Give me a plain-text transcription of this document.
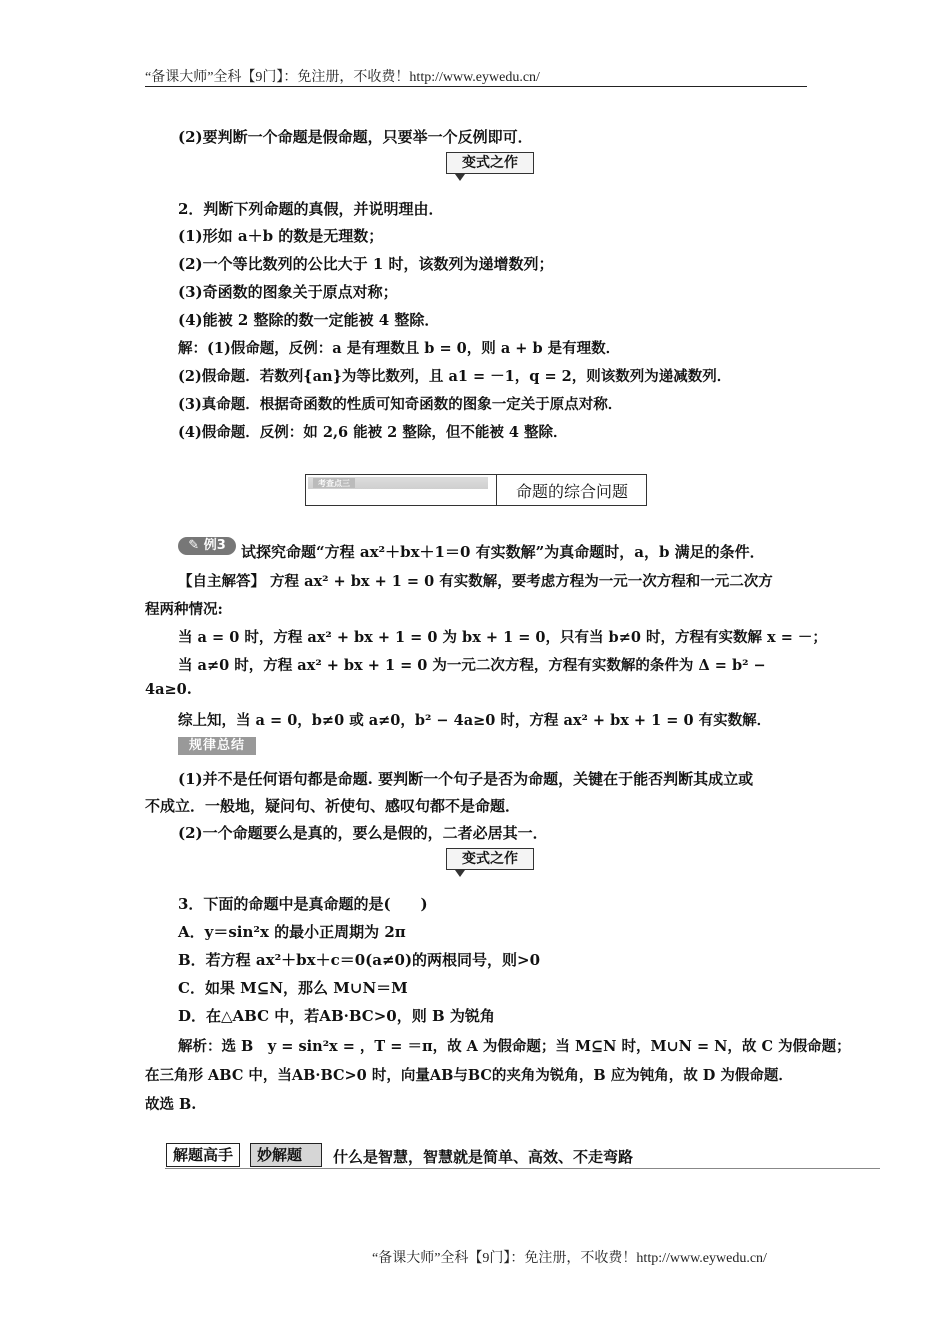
“备课大师”全科【9门】：免注册，不收费！http://www.eywedu.cn/
(2)要判断一个命题是假命题，只要举一个反例即可．
变式之作
2．判断下列命题的真假，并说明理由．
(1)形如 a＋b 的数是无理数；
(2)一个等比数列的公比大于 1 时，该数列为递增数列；
(3)奇函数的图象关于原点对称；
(4)能被 2 整除的数一定能被 4 整除．
解：(1)假命题，反例：a 是有理数且 b = 0，则 a + b 是有理数．
(2)假命题．若数列{an}为等比数列，且 a1 = －1，q = 2，则该数列为递减数列．
(3)真命题．根据奇函数的性质可知奇函数的图象一定关于原点对称．
(4)假命题．反例：如 2,6 能被 2 整除，但不能被 4 整除．
考查点三	命题的综合问题
✎ 例3	试探究命题“方程 ax²＋bx＋1＝0 有实数解”为真命题时，a，b 满足的条件．
【自主解答】 方程 ax² + bx + 1 = 0 有实数解，要考虑方程为一元一次方程和一元二次方
程两种情况:
当 a = 0 时，方程 ax² + bx + 1 = 0 为 bx + 1 = 0，只有当 b≠0 时，方程有实数解 x = －；
当 a≠0 时，方程 ax² + bx + 1 = 0 为一元二次方程，方程有实数解的条件为 Δ = b² −
4a≥0.
综上知，当 a = 0，b≠0 或 a≠0，b² − 4a≥0 时，方程 ax² + bx + 1 = 0 有实数解．
规律总结
(1)并不是任何语句都是命题. 要判断一个句子是否为命题，关键在于能否判断其成立或
不成立．一般地，疑问句、祈使句、感叹句都不是命题．
(2)一个命题要么是真的，要么是假的，二者必居其一．
变式之作
3．下面的命题中是真命题的是(　　)
A．y＝sin²x 的最小正周期为 2π
B．若方程 ax²＋bx＋c＝0(a≠0)的两根同号，则>0
C．如果 M⊆N，那么 M∪N＝M
D．在△ABC 中，若AB·BC>0，则 B 为锐角
解析：选 B　y = sin²x = ，T = ＝π，故 A 为假命题；当 M⊆N 时，M∪N = N，故 C 为假命题；
在三角形 ABC 中，当AB·BC>0 时，向量AB与BC的夹角为锐角，B 应为钝角，故 D 为假命题．
故选 B.
解题高手	妙解题	什么是智慧，智慧就是简单、高效、不走弯路
“备课大师”全科【9门】：免注册，不收费！http://www.eywedu.cn/
